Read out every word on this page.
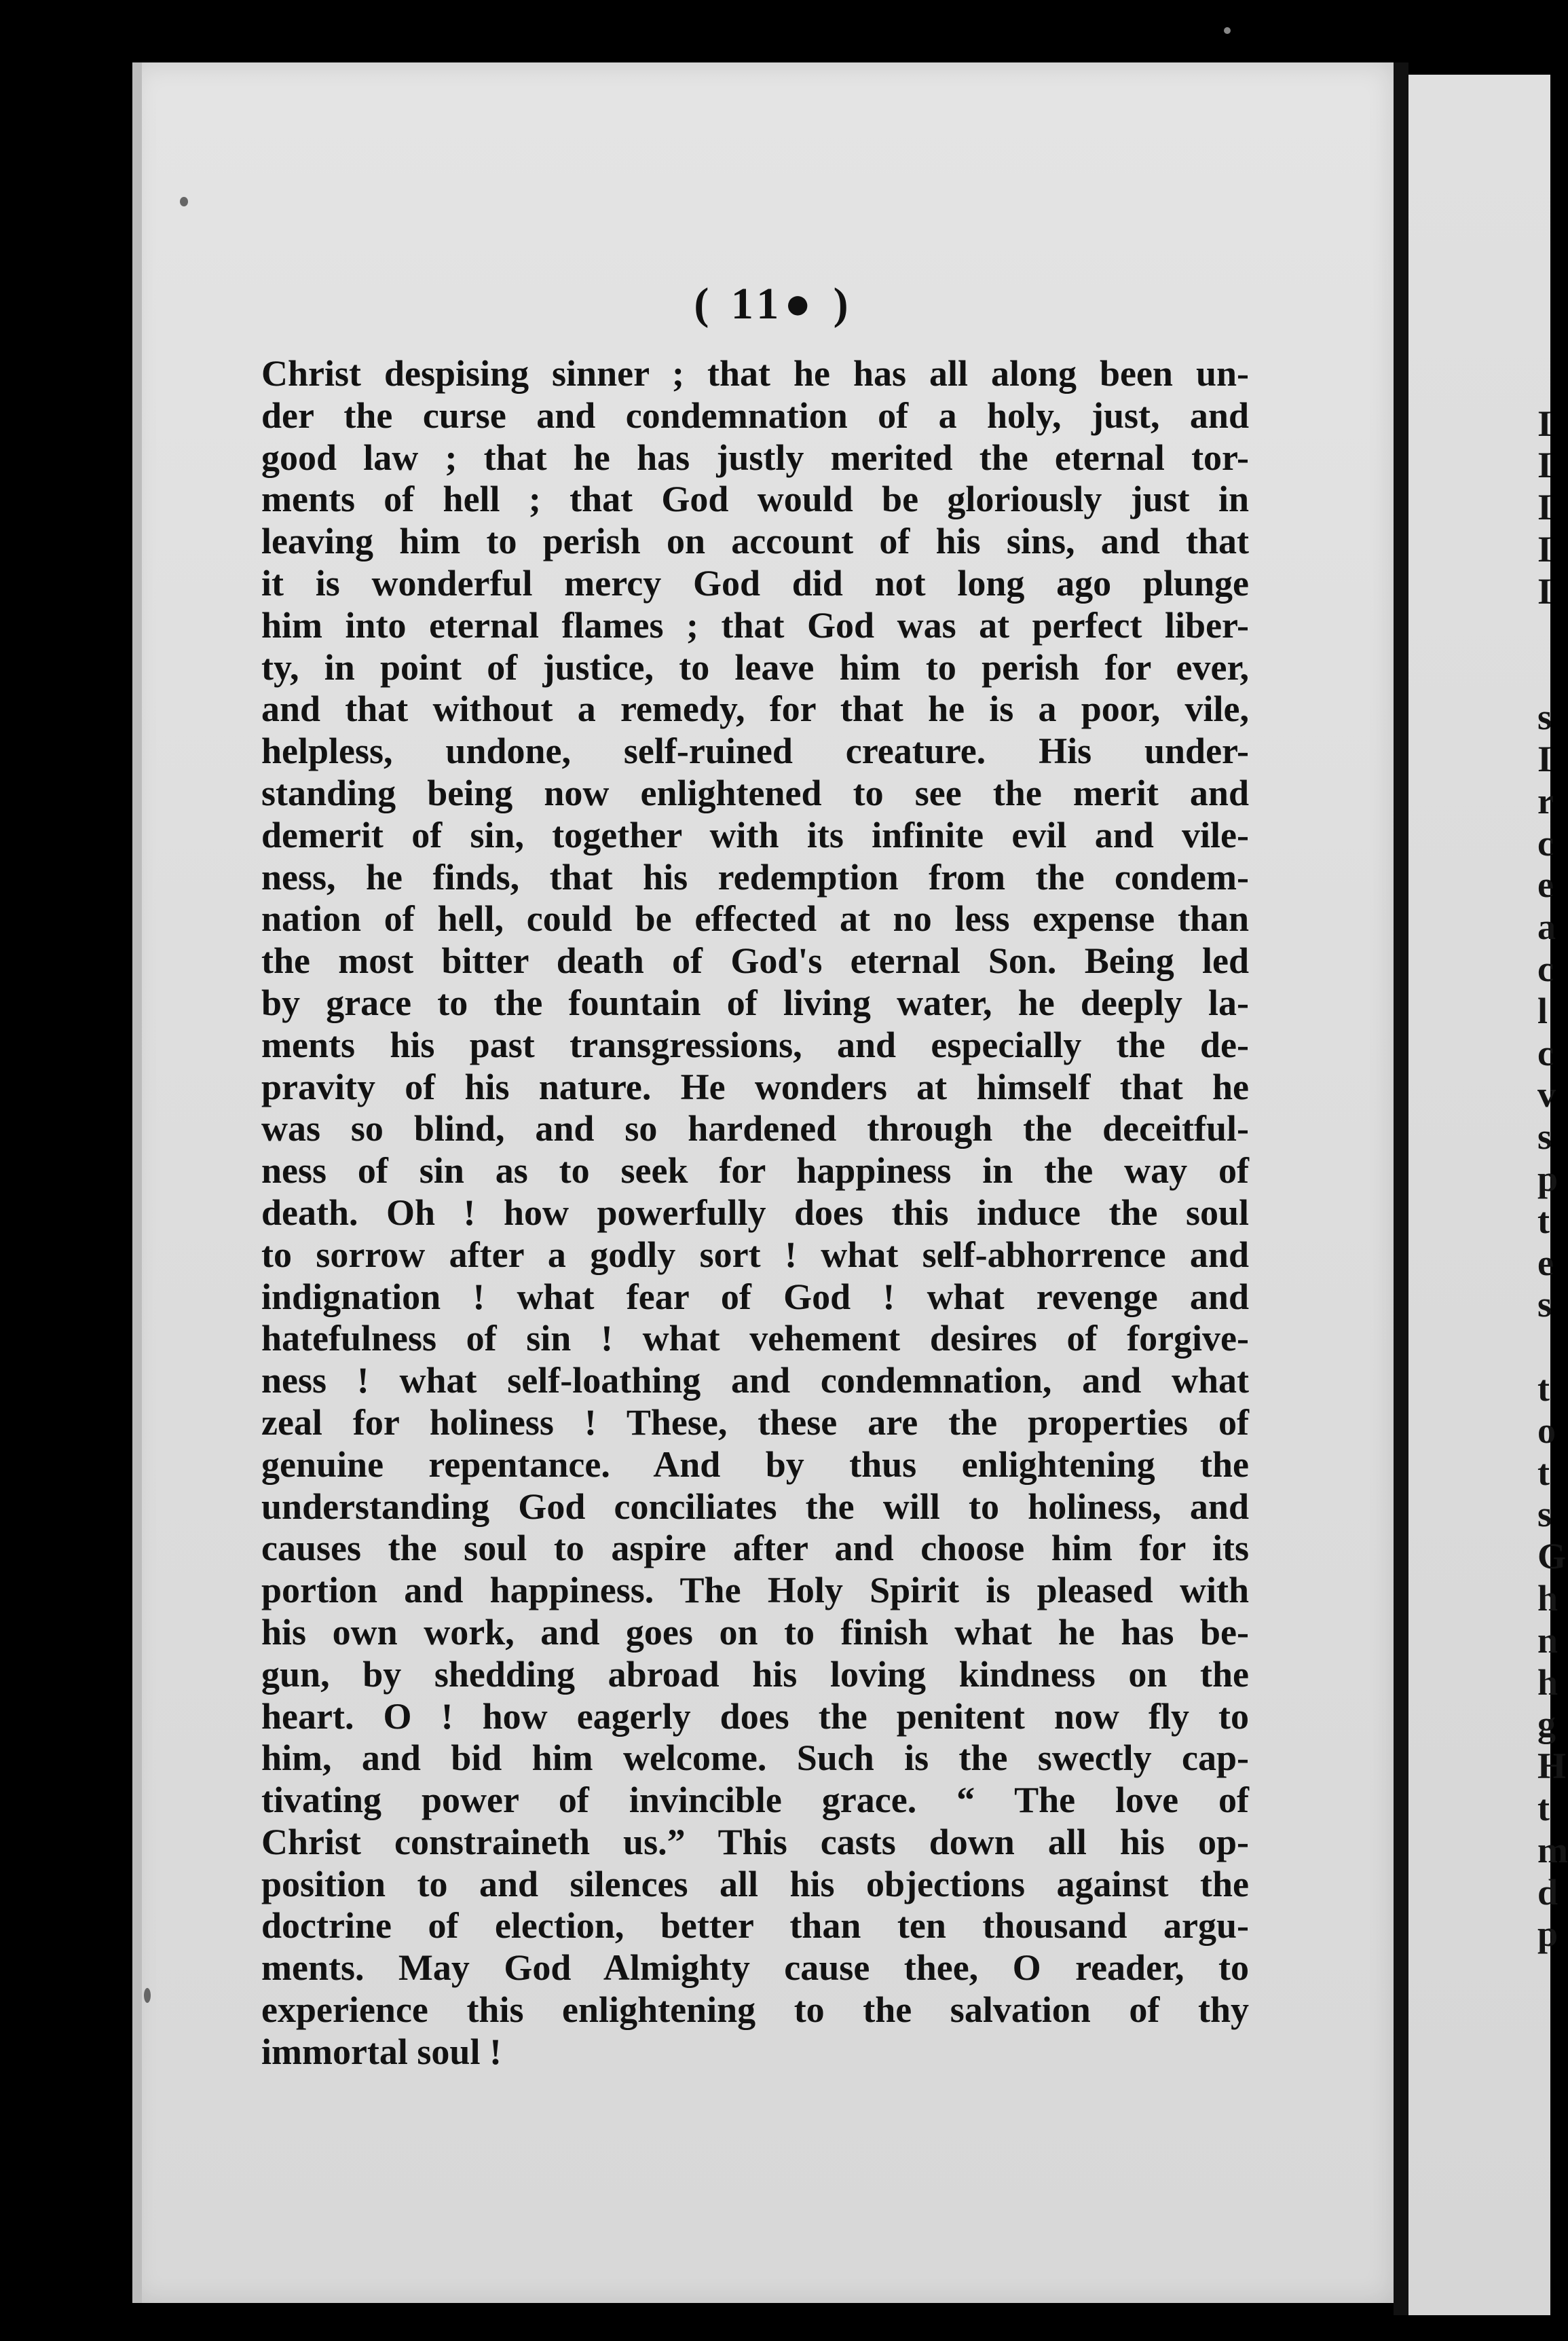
( 11● )
Christ despising sinner ; that he has all along been un-
der the curse and condemnation of a holy, just, and
good law ; that he has justly merited the eternal tor-
ments of hell ; that God would be gloriously just in
leaving him to perish on account of his sins, and that
it is wonderful mercy God did not long ago plunge
him into eternal flames ; that God was at perfect liber-
ty, in point of justice, to leave him to perish for ever,
and that without a remedy, for that he is a poor, vile,
helpless, undone, self-ruined creature. His under-
standing being now enlightened to see the merit and
demerit of sin, together with its infinite evil and vile-
ness, he finds, that his redemption from the condem-
nation of hell, could be effected at no less expense than
the most bitter death of God's eternal Son. Being led
by grace to the fountain of living water, he deeply la-
ments his past transgressions, and especially the de-
pravity of his nature. He wonders at himself that he
was so blind, and so hardened through the deceitful-
ness of sin as to seek for happiness in the way of
death. Oh ! how powerfully does this induce the soul
to sorrow after a godly sort ! what self-abhorrence and
indignation ! what fear of God ! what revenge and
hatefulness of sin ! what vehement desires of forgive-
ness ! what self-loathing and condemnation, and what
zeal for holiness ! These, these are the properties of
genuine repentance. And by thus enlightening the
understanding God conciliates the will to holiness, and
causes the soul to aspire after and choose him for its
portion and happiness. The Holy Spirit is pleased with
his own work, and goes on to finish what he has be-
gun, by shedding abroad his loving kindness on the
heart. O ! how eagerly does the penitent now fly to
him, and bid him welcome. Such is the swectly cap-
tivating power of invincible grace. “ The love of
Christ constraineth us.” This casts down all his op-
position to and silences all his objections against the
doctrine of election, better than ten thousand argu-
ments. May God Almighty cause thee, O reader, to
experience this enlightening to the salvation of thy
immortal soul !
I
I
I
I
I
s
I
r
c
e
a
c
l
c
v
s
p
t
e
s
t
o
t
s
G
h
n
h
g
H
t
m
d
p
